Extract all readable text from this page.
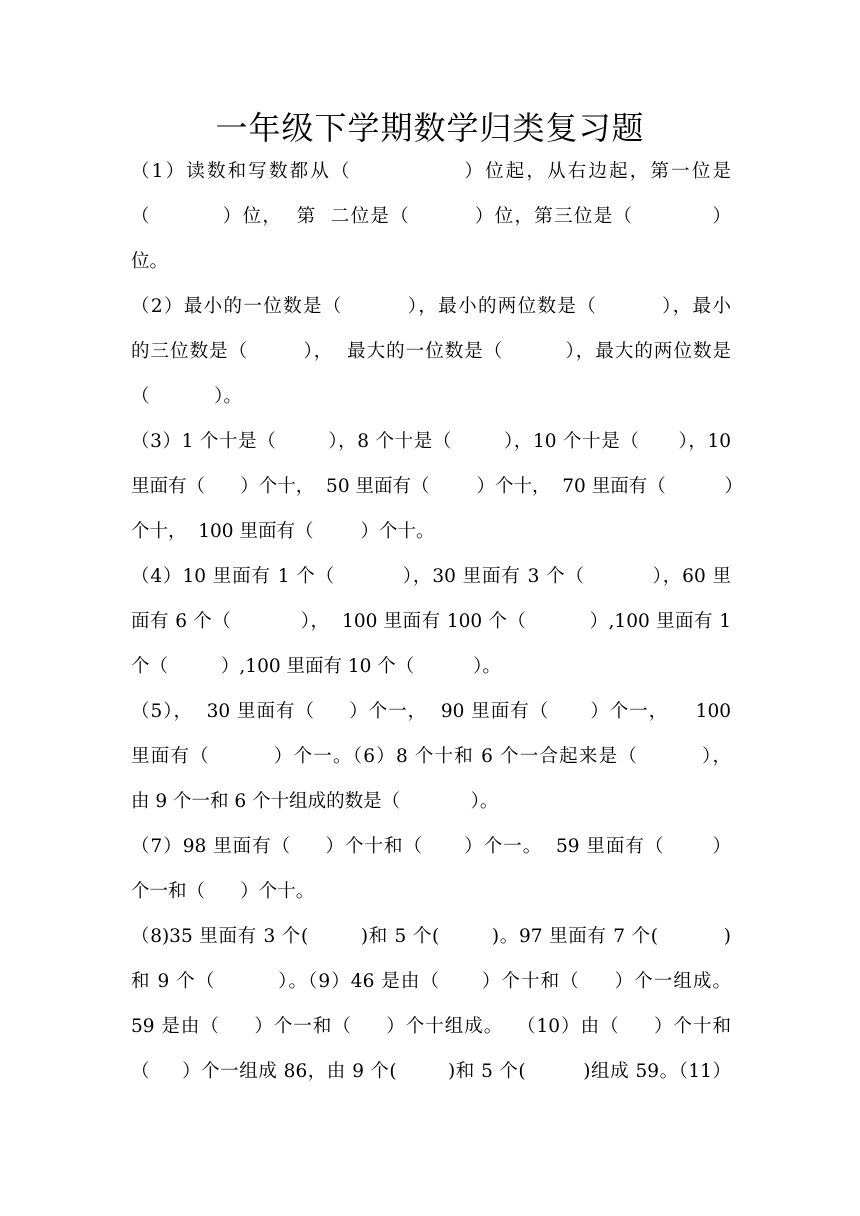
一年级下学期数学归类复习题
（1）读数和写数都从（              ）位起，从右边起，第一位是
（          ）位，  第  二位是（         ）位，第三位是（           ）
位。
（2）最小的一位数是（         ），最小的两位数是（         ），最小
的三位数是（        ），  最大的一位数是（         ），最大的两位数是
（           ）。
（3）1 个十是（        ），8 个十是（        ），10 个十是（      ），10
里面有（      ）个十，  50 里面有（        ）个十，  70 里面有（          ）
个十，  100 里面有（        ）个十。
（4）10 里面有 1 个（          ），30 里面有 3 个（          ），60 里
面有 6 个（           ），  100 里面有 100 个（          ）,100 里面有 1
个（         ）,100 里面有 10 个（          ）。
（5），  30 里面有（     ）个一，  90 里面有（      ）个一，    100
里面有（         ）个一。（6）8 个十和 6 个一合起来是（         ），
由 9 个一和 6 个十组成的数是（            ）。
（7）98 里面有（     ）个十和（      ）个一。  59 里面有（       ）
个一和（      ）个十。
（8)35 里面有 3 个(        )和 5 个(        )。97 里面有 7 个(          )
和 9 个（         ）。（9）46 是由（      ）个十和（     ）个一组成。
59 是由（     ）个一和（     ）个十组成。  （10）由（     ）个十和
（     ）个一组成 86，由 9 个(        )和 5 个(         )组成 59。（11）
